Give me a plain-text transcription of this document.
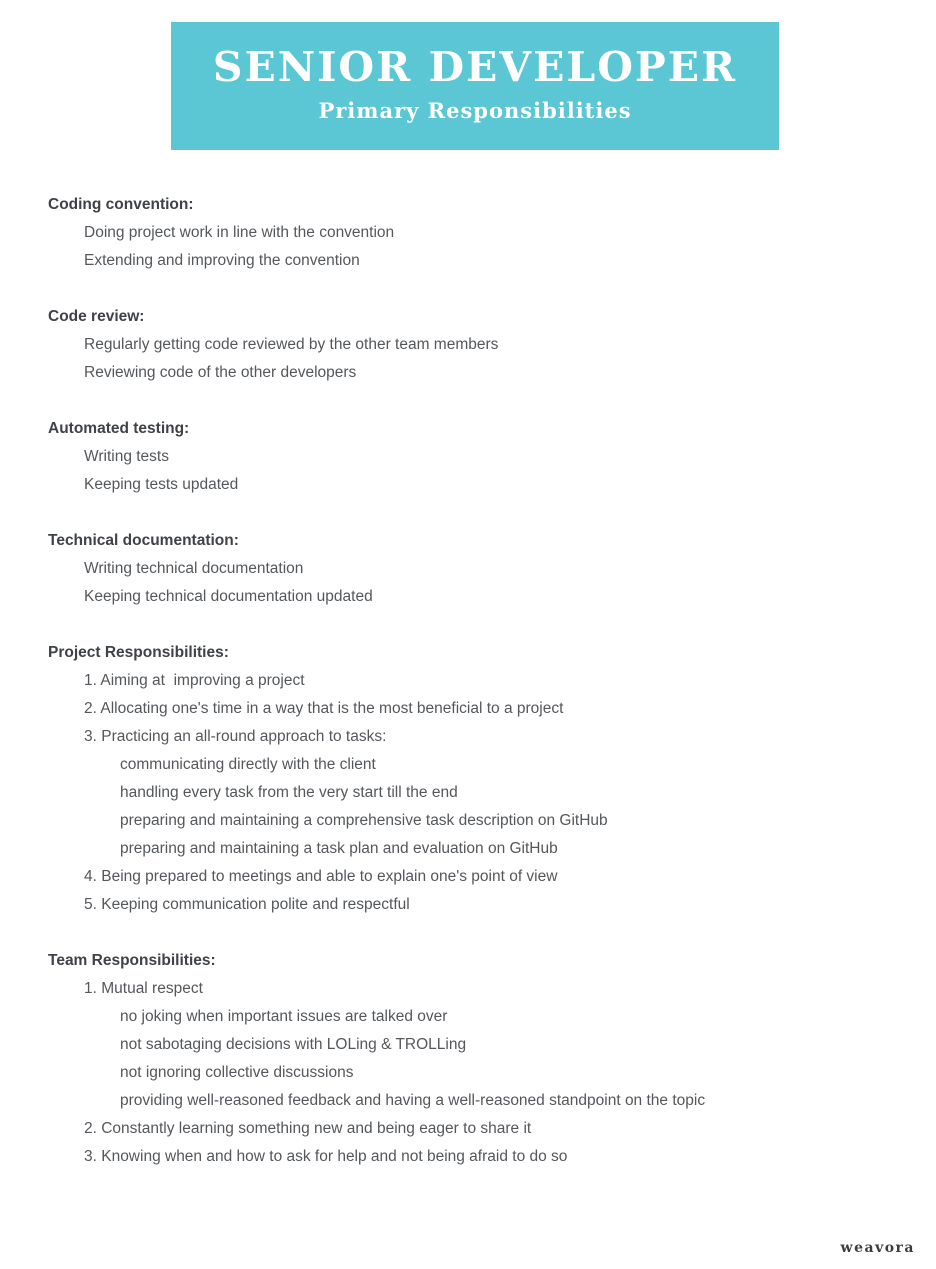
SENIOR DEVELOPER
Primary Responsibilities
Coding convention:
Doing project work in line with the convention
Extending and improving the convention
Code review:
Regularly getting code reviewed by the other team members
Reviewing code of the other developers
Automated testing:
Writing tests
Keeping tests updated
Technical documentation:
Writing technical documentation
Keeping technical documentation updated
Project Responsibilities:
1. Aiming at  improving a project
2. Allocating one's time in a way that is the most beneficial to a project
3. Practicing an all-round approach to tasks:
communicating directly with the client
handling every task from the very start till the end
preparing and maintaining a comprehensive task description on GitHub
preparing and maintaining a task plan and evaluation on GitHub
4. Being prepared to meetings and able to explain one's point of view
5. Keeping communication polite and respectful
Team Responsibilities:
1. Mutual respect
no joking when important issues are talked over
not sabotaging decisions with LOLing & TROLLing
not ignoring collective discussions
providing well-reasoned feedback and having a well-reasoned standpoint on the topic
2. Constantly learning something new and being eager to share it
3. Knowing when and how to ask for help and not being afraid to do so
weavora
